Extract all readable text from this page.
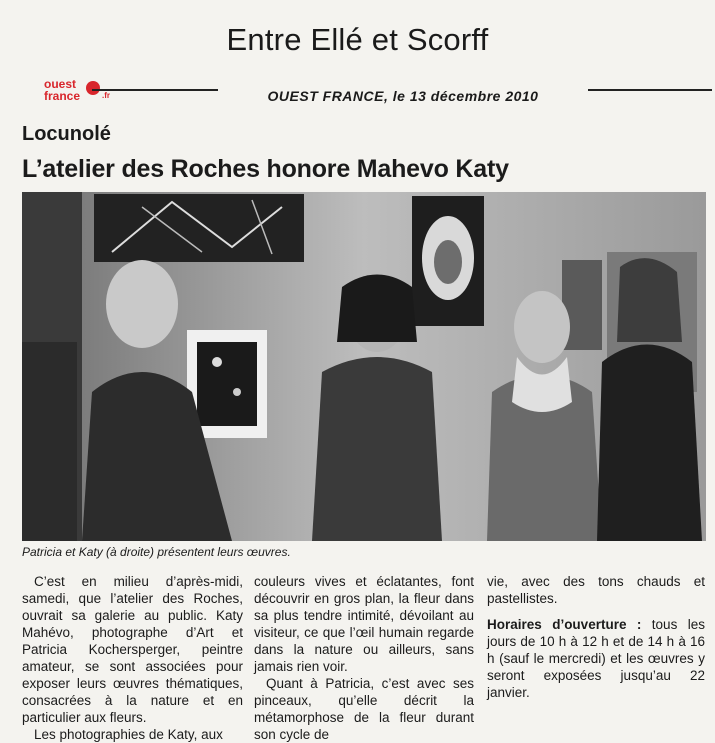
Entre Ellé et Scorff
ouest
france	.fr	OUEST FRANCE, le 13 décembre 2010
Locunolé
L’atelier des Roches honore Mahevo Katy
Patricia et Katy (à droite) présentent leurs œuvres.

C’est en milieu d’après-midi, samedi, que l’atelier des Roches, ouvrait sa galerie au public. Katy Mahévo, photographe d’Art et Patricia Kochersperger, peintre amateur, se sont associées pour exposer leurs œuvres thématiques, consacrées à la nature et en particulier aux fleurs.

Les photographies de Katy, aux

couleurs vives et éclatantes, font découvrir en gros plan, la fleur dans sa plus tendre intimité, dévoilant au visiteur, ce que l’œil humain regarde dans la nature ou ailleurs, sans jamais rien voir.

Quant à Patricia, c’est avec ses pinceaux, qu’elle décrit la métamorphose de la fleur durant son cycle de

vie, avec des tons chauds et pastellistes.

Horaires d’ouverture : tous les jours de 10 h à 12 h et de 14 h à 16 h (sauf le mercredi) et les œuvres y seront exposées jusqu’au 22 janvier.
